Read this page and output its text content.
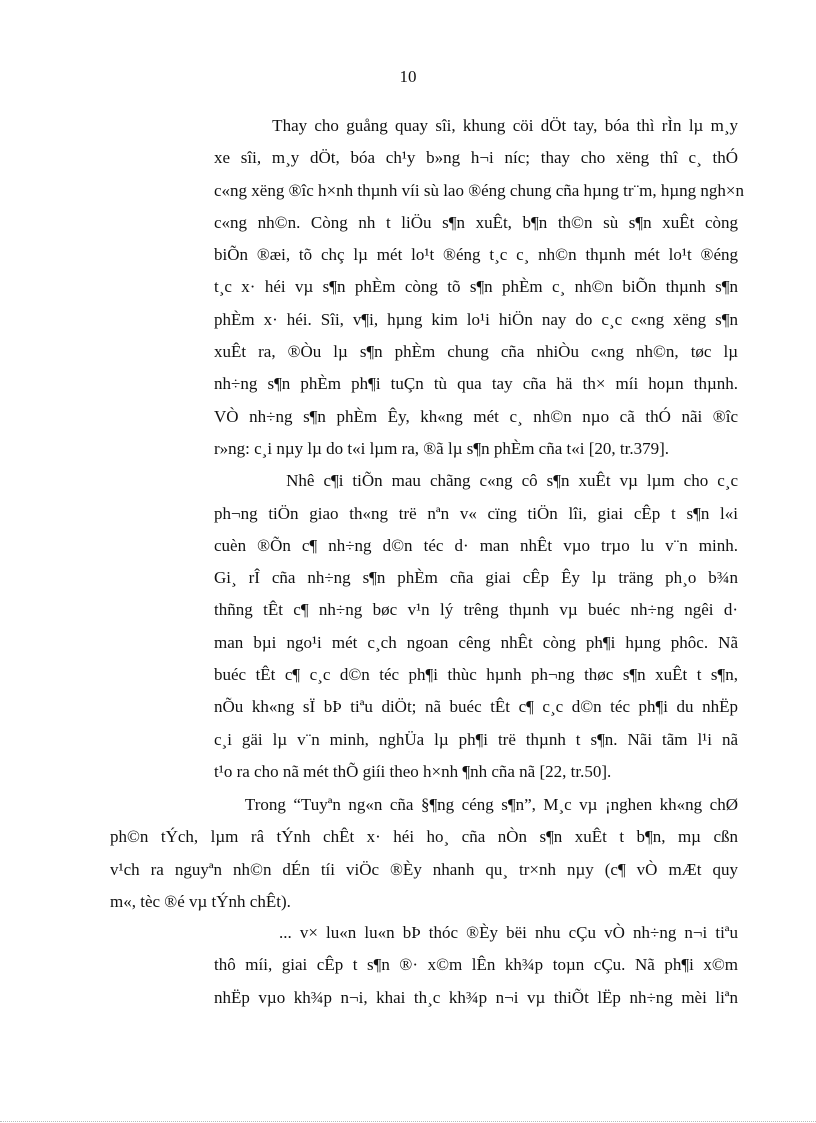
10
Thay cho guång quay sîi, khung cöi dÖt tay, bóa thì rÌn lµ m¸y
xe sîi, m¸y dÖt, bóa ch¹y b»ng h¬i níc; thay cho xëng thî c¸ thÓ
c«ng xëng ®îc h×nh thµnh víi sù lao ®éng chung cña hµng tr¨m, hµng ngh×n
c«ng nh©n. Còng nh t liÖu s¶n xuÊt, b¶n th©n sù s¶n xuÊt còng
biÕn ®æi, tõ chç lµ mét lo¹t ®éng t¸c c¸ nh©n thµnh mét lo¹t ®éng
t¸c x· héi vµ s¶n phÈm còng tõ s¶n phÈm c¸ nh©n biÕn thµnh s¶n
phÈm x· héi. Sîi, v¶i, hµng kim lo¹i hiÖn nay do c¸c c«ng xëng s¶n
xuÊt ra, ®Òu lµ s¶n phÈm chung cña nhiÒu c«ng nh©n, tøc lµ
nh÷ng s¶n phÈm ph¶i tuÇn tù qua tay cña hä th× míi hoµn thµnh.
VÒ nh÷ng s¶n phÈm Êy, kh«ng mét c¸ nh©n nµo cã thÓ nãi ®îc
r»ng: c¸i nµy lµ do t«i lµm ra, ®ã lµ s¶n phÈm cña t«i [20, tr.379].
Nhê c¶i tiÕn mau chãng c«ng cô s¶n xuÊt vµ lµm cho c¸c
ph¬ng tiÖn giao th«ng trë nªn v« cïng tiÖn lîi, giai cÊp t s¶n l«i
cuèn ®Õn c¶ nh÷ng d©n téc d· man nhÊt vµo trµo lu v¨n minh.
Gi¸ rÎ cña nh÷ng s¶n phÈm cña giai cÊp Êy lµ träng ph¸o b¾n
thñng tÊt c¶ nh÷ng bøc v¹n lý trêng thµnh vµ buéc nh÷ng ngêi d·
man bµi ngo¹i mét c¸ch ngoan cêng nhÊt còng ph¶i hµng phôc. Nã
buéc tÊt c¶ c¸c d©n téc ph¶i thùc hµnh ph¬ng thøc s¶n xuÊt t s¶n,
nÕu kh«ng sÏ bÞ tiªu diÖt; nã buéc tÊt c¶ c¸c d©n téc ph¶i du nhËp
c¸i gäi lµ v¨n minh, nghÜa lµ ph¶i trë thµnh t s¶n. Nãi tãm l¹i nã
t¹o ra cho nã mét thÕ giíi theo h×nh ¶nh cña nã [22, tr.50].
Trong “Tuyªn ng«n cña §¶ng céng s¶n”, M¸c vµ ¡nghen kh«ng chØ
ph©n tÝch, lµm râ tÝnh chÊt x· héi ho¸ cña nÒn s¶n xuÊt t b¶n, mµ cßn
v¹ch ra nguyªn nh©n dÉn tíi viÖc ®Èy nhanh qu¸ tr×nh nµy (c¶ vÒ mÆt quy
m«, tèc ®é vµ tÝnh chÊt).
... v× lu«n lu«n bÞ thóc ®Èy bëi nhu cÇu vÒ nh÷ng n¬i tiªu
thô míi, giai cÊp t s¶n ®· x©m lÊn kh¾p toµn cÇu. Nã ph¶i x©m
nhËp vµo kh¾p n¬i, khai th¸c kh¾p n¬i vµ thiÕt lËp nh÷ng mèi liªn
